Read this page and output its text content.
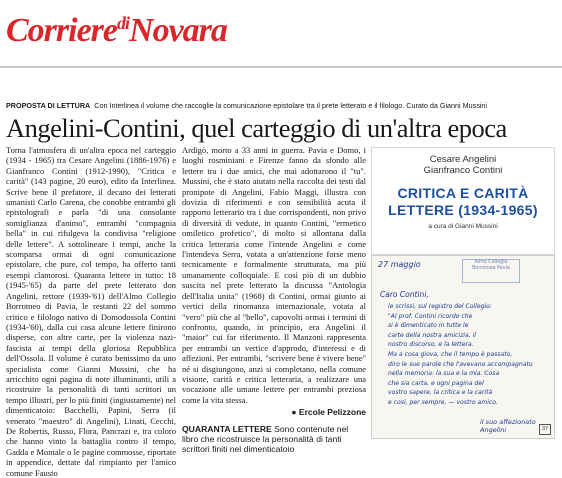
Corriere$^{di}$Novara
PROPOSTA DI LETTURA Con Interlinea il volume che raccoglie la comunicazione epistolare tra il prete letterato e il filologo. Curato da Gianni Mussini
Angelini-Contini, quel carteggio di un'altra epoca

Torna l'atmosfera di un'altra epoca nel carteggio (1934 - 1965) tra Cesare Angelini (1886-1976) e Gianfranco Contini (1912-1990), "Critica e carità" (143 pagine, 20 euro), edito da Interlinea. Scrive bene il prefatore, il decano dei letterati umanisti Carlo Carena, che conobbe entrambi gli epistolografi e parla "di una consolante somiglianza d'animo", entrambi "compagnia bella" in cui rifulgeva la condivisa "religione delle lettere". A sottolineare i tempi, anche la scomparsa ormai di ogni comunicazione epistolare, che pure, col tempo, ha offerto tanti esempi clamorosi. Quaranta lettere in tutto: 18 (1945-'65) da parte del prete letterato don Angelini, rettore (1939-'61) dell'Almo Collegio Borromeo di Pavia, le restanti 22 del sommo critico e filologo nativo di Domodossola Contini (1934-'60), dalla cui casa alcune lettere finirono disperse, con altre carte, per la violenza nazi-fascista ai tempi della gloriosa Repubblica dell'Ossola. Il volume è curato benissimo da uno specialista come Gianni Mussini, che ha arricchito ogni pagina di note illuminanti, utili a ricostruire la personalità di tanti scrittori un tempo illustri, per lo più finiti (ingiustamente) nel dimenticatoio: Bacchelli, Papini, Serra (il venerato "maestro" di Angelini), Linati, Cecchi, De Robertis, Russo, Flora, Pancrazi e, tra coloro che hanno vinto la battaglia contro il tempo, Gadda e Montale o le pagine commosse, riportate in appendice, dettate dal rimpianto per l'amico comune Fausto

Ardigò, morto a 33 anni in guerra. Pavia e Domo, i luoghi rosminiani e Firenze fanno da sfondo alle lettere tra i due amici, che mai adottarono il "tu". Mussini, che è stato aiutato nella raccolta dei testi dal pronipote di Angelini, Fabio Maggi, illustra con dovizia di riferimenti e con sensibilità acuta il rapporto letterario tra i due corrispondenti, non privo di diversità di vedute, in quanto Contini, "ermetico omiletico profetico", di molto si allontana dalla critica letteraria come l'intende Angelini e come l'intendeva Serra, votata a un'attenzione forse meno tecnicamente e formalmente strutturata, ma più umanamente colloquiale. E così più di un dubbio suscita nel prete letterato la discussa "Antologia dell'Italia unita" (1968) di Contini, ormai giunto ai vertici della rinomanza internazionale, votata al "vero" più che al "bello", capovolti ormai i termini di confronto, quando, in principio, era Angelini il "maior" cui far riferimento. Il Manzoni rappresenta per entrambi un vertice d'approdo, d'interessi e di affezioni. Per entrambi, "scrivere bene è vivere bene" né si disgiungono, anzi si completano, nella comune visione, carità e critica letteraria, a realizzare una vocazione alle umane lettere per entrambi preziosa come la vita stessa.

● Ercole Pelizzone
QUARANTA LETTERE Sono contenute nel libro che ricostruisce la personalità di tanti scrittori finiti nel dimenticatoio
Cesare Angelini
Gianfranco Contini
CRITICA E CARITÀ
LETTERE (1934-1965)
a cura di Gianni Mussini
27 maggio	Almo Collegio Borromeo Pavia
Caro Contini,
le scrissi, sul registro del Collegio:
"Al prof. Contini ricordo che
si è dimenticato in tutte le
carte della nostra amicizia, il
nostro discorso, e la lettera.
Ma a cosa giova, che il tempo è passato,
diro le sue parole che l'avevano accompagnato
nella memoria: la sua e la mia. Cosa
che sia carta, e ogni pagina del
vostro sapere, la critica e la carità
e cosi, per sempre, — vostro amico.
il suo affezionato
Angelini	37
